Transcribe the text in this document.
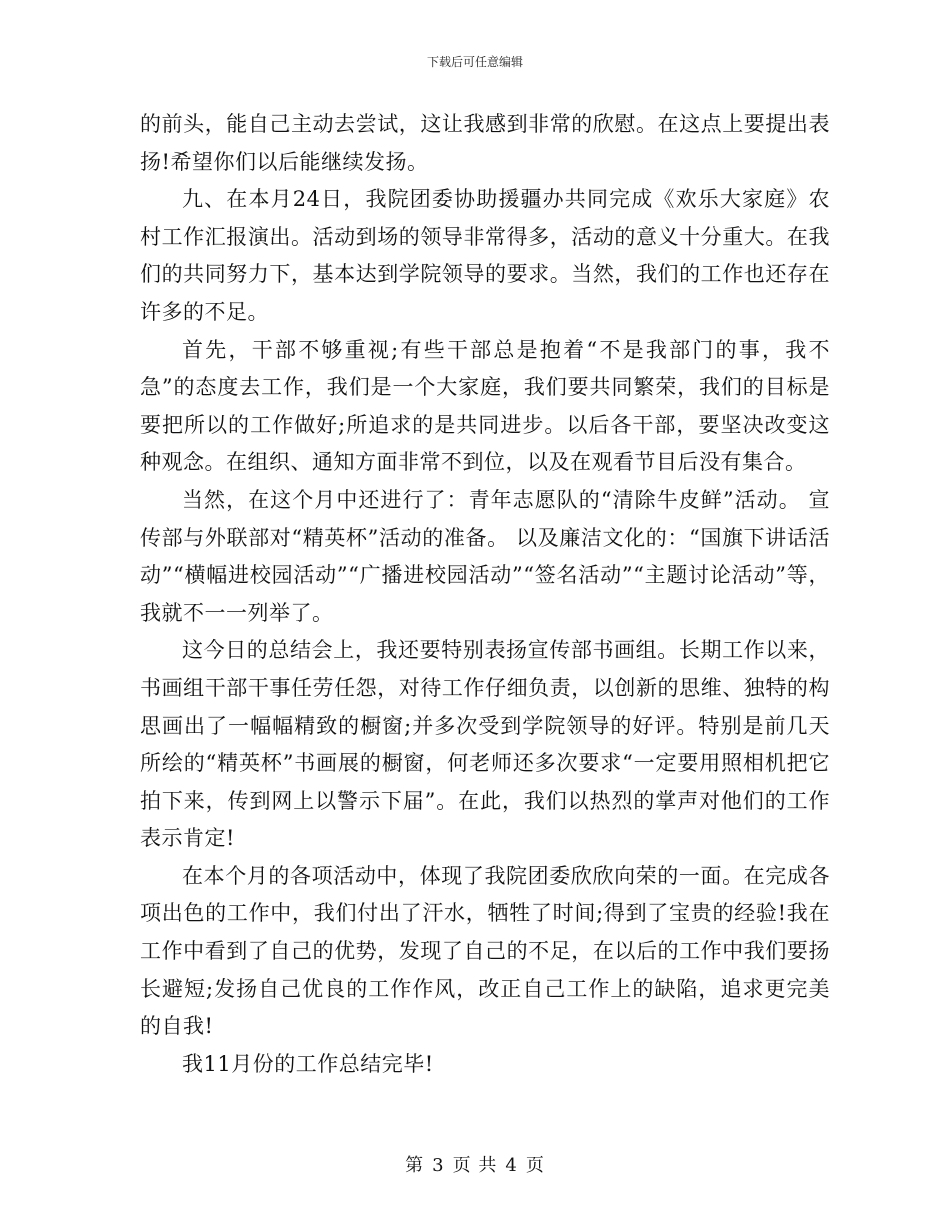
下载后可任意编辑

的前头，能自己主动去尝试，这让我感到非常的欣慰。在这点上要提出表扬!希望你们以后能继续发扬。

九、在本月24日，我院团委协助援疆办共同完成《欢乐大家庭》农村工作汇报演出。活动到场的领导非常得多，活动的意义十分重大。在我们的共同努力下，基本达到学院领导的要求。当然，我们的工作也还存在许多的不足。

首先，干部不够重视;有些干部总是抱着“不是我部门的事，我不急”的态度去工作，我们是一个大家庭，我们要共同繁荣，我们的目标是要把所以的工作做好;所追求的是共同进步。以后各干部，要坚决改变这种观念。在组织、通知方面非常不到位，以及在观看节目后没有集合。

当然，在这个月中还进行了：青年志愿队的“清除牛皮鲜”活动。 宣传部与外联部对“精英杯”活动的准备。 以及廉洁文化的：“国旗下讲话活动”“横幅进校园活动”“广播进校园活动”“签名活动”“主题讨论活动”等，我就不一一列举了。

这今日的总结会上，我还要特别表扬宣传部书画组。长期工作以来，书画组干部干事任劳任怨，对待工作仔细负责，以创新的思维、独特的构思画出了一幅幅精致的橱窗;并多次受到学院领导的好评。特别是前几天所绘的“精英杯”书画展的橱窗，何老师还多次要求“一定要用照相机把它拍下来，传到网上以警示下届”。在此，我们以热烈的掌声对他们的工作表示肯定!

在本个月的各项活动中，体现了我院团委欣欣向荣的一面。在完成各项出色的工作中，我们付出了汗水，牺牲了时间;得到了宝贵的经验!我在工作中看到了自己的优势，发现了自己的不足，在以后的工作中我们要扬长避短;发扬自己优良的工作作风，改正自己工作上的缺陷，追求更完美的自我!

我11月份的工作总结完毕!

第 3 页 共 4 页
